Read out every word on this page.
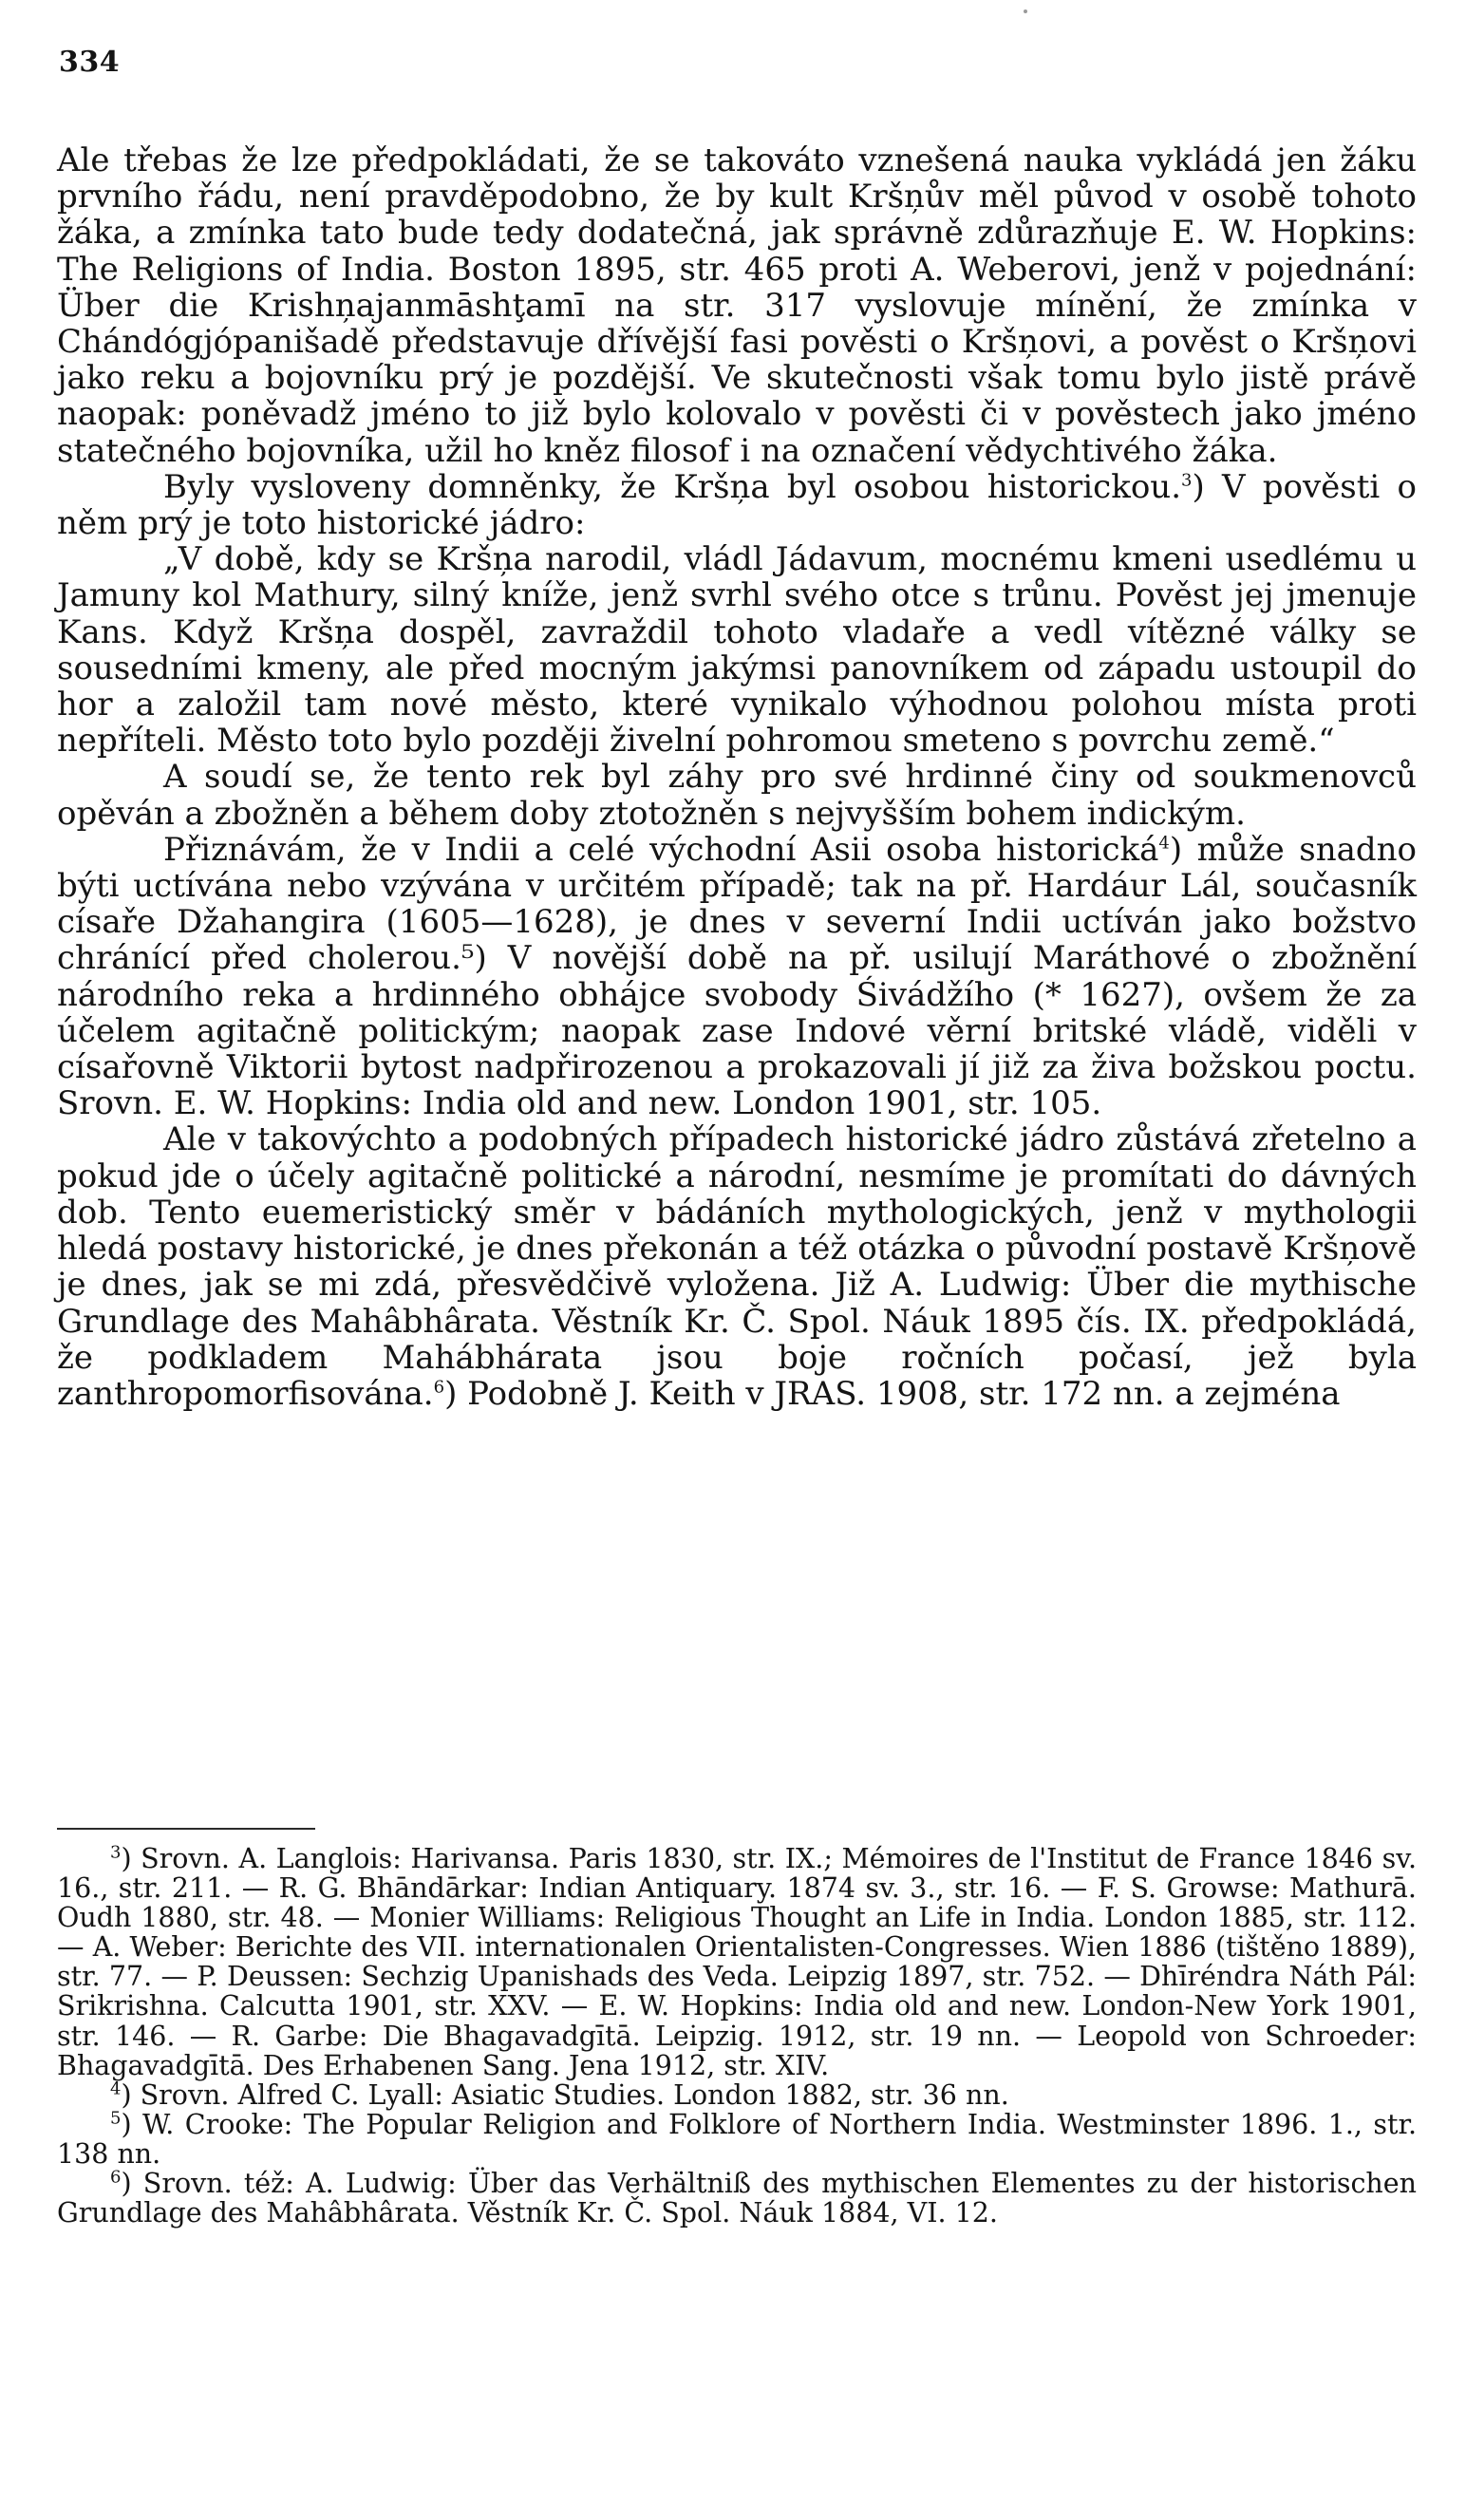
334

Ale třebas že lze předpokládati, že se takováto vznešená nauka vykládá jen žáku prvního řádu, není pravděpodobno, že by kult Kršņův měl původ v osobě tohoto žáka, a zmínka tato bude tedy dodatečná, jak správně zdůrazňuje E. W. Hopkins: The Religions of India. Boston 1895, str. 465 proti A. Weberovi, jenž v pojednání: Über die Krishņajanmāshţamī na str. 317 vyslovuje mínění, že zmínka v Chándógjópanišadě představuje dřívější fasi pověsti o Kršņovi, a pověst o Kršņovi jako reku a bojovníku prý je pozdější. Ve skutečnosti však tomu bylo jistě právě naopak: poněvadž jméno to již bylo kolovalo v pověsti či v pověstech jako jméno statečného bojovníka, užil ho kněz filosof i na označení vědychtivého žáka.

Byly vysloveny domněnky, že Kršņa byl osobou historickou.$^3$) V pověsti o něm prý je toto historické jádro:

„V době, kdy se Kršņa narodil, vládl Jádavum, mocnému kmeni usedlému u Jamuny kol Mathury, silný kníže, jenž svrhl svého otce s trůnu. Pověst jej jmenuje Kans. Když Kršņa dospěl, zavraždil tohoto vladaře a vedl vítězné války se sousedními kmeny, ale před mocným jakýmsi panovníkem od západu ustoupil do hor a založil tam nové město, které vynikalo výhodnou polohou místa proti nepříteli. Město toto bylo později živelní pohromou smeteno s povrchu země.“

A soudí se, že tento rek byl záhy pro své hrdinné činy od soukmenovců opěván a zbožněn a během doby ztotožněn s nejvyšším bohem indickým.

Přiznávám, že v Indii a celé východní Asii osoba historická$^4$) může snadno býti uctívána nebo vzývána v určitém případě; tak na př. Hardáur Lál, současník císaře Džahangira (1605—1628), je dnes v severní Indii uctíván jako božstvo chránící před cholerou.⁵) V novější době na př. usilují Maráthové o zbožnění národního reka a hrdinného obhájce svobody Śivádžího (* 1627), ovšem že za účelem agitačně politickým; naopak zase Indové věrní britské vládě, viděli v císařovně Viktorii bytost nadpřirozenou a prokazovali jí již za živa božskou poctu. Srovn. E. W. Hopkins: India old and new. London 1901, str. 105.

Ale v takovýchto a podobných případech historické jádro zůstává zřetelno a pokud jde o účely agitačně politické a národní, nesmíme je promítati do dávných dob. Tento euemeristický směr v bádáních mythologických, jenž v mythologii hledá postavy historické, je dnes překonán a též otázka o původní postavě Kršņově je dnes, jak se mi zdá, přesvědčivě vyložena. Již A. Ludwig: Über die mythische Grundlage des Mahâbhârata. Věstník Kr. Č. Spol. Náuk 1895 čís. IX. předpokládá, že podkladem Mahábhárata jsou boje ročních počasí, jež byla zanthropomorfisována.$^6$) Podobně J. Keith v JRAS. 1908, str. 172 nn. a zejména

$^3$) Srovn. A. Langlois: Harivansa. Paris 1830, str. IX.; Mémoires de l'Institut de France 1846 sv. 16., str. 211. — R. G. Bhāndārkar: Indian Antiquary. 1874 sv. 3., str. 16. — F. S. Growse: Mathurā. Oudh 1880, str. 48. — Monier Williams: Religious Thought an Life in India. London 1885, str. 112. — A. Weber: Berichte des VII. internationalen Orientalisten-Congresses. Wien 1886 (tištěno 1889), str. 77. — P. Deussen: Sechzig Upanishads des Veda. Leipzig 1897, str. 752. — Dhīréndra Náth Pál: Srikrishna. Calcutta 1901, str. XXV. — E. W. Hopkins: India old and new. London-New York 1901, str. 146. — R. Garbe: Die Bhagavadgītā. Leipzig. 1912, str. 19 nn. — Leopold von Schroeder: Bhagavadgītā. Des Erhabenen Sang. Jena 1912, str. XIV.

$^4$) Srovn. Alfred C. Lyall: Asiatic Studies. London 1882, str. 36 nn.

$^5$) W. Crooke: The Popular Religion and Folklore of Northern India. Westminster 1896. 1., str. 138 nn.

$^6$) Srovn. též: A. Ludwig: Über das Verhältniß des mythischen Elementes zu der historischen Grundlage des Mahâbhârata. Věstník Kr. Č. Spol. Náuk 1884, VI. 12.
